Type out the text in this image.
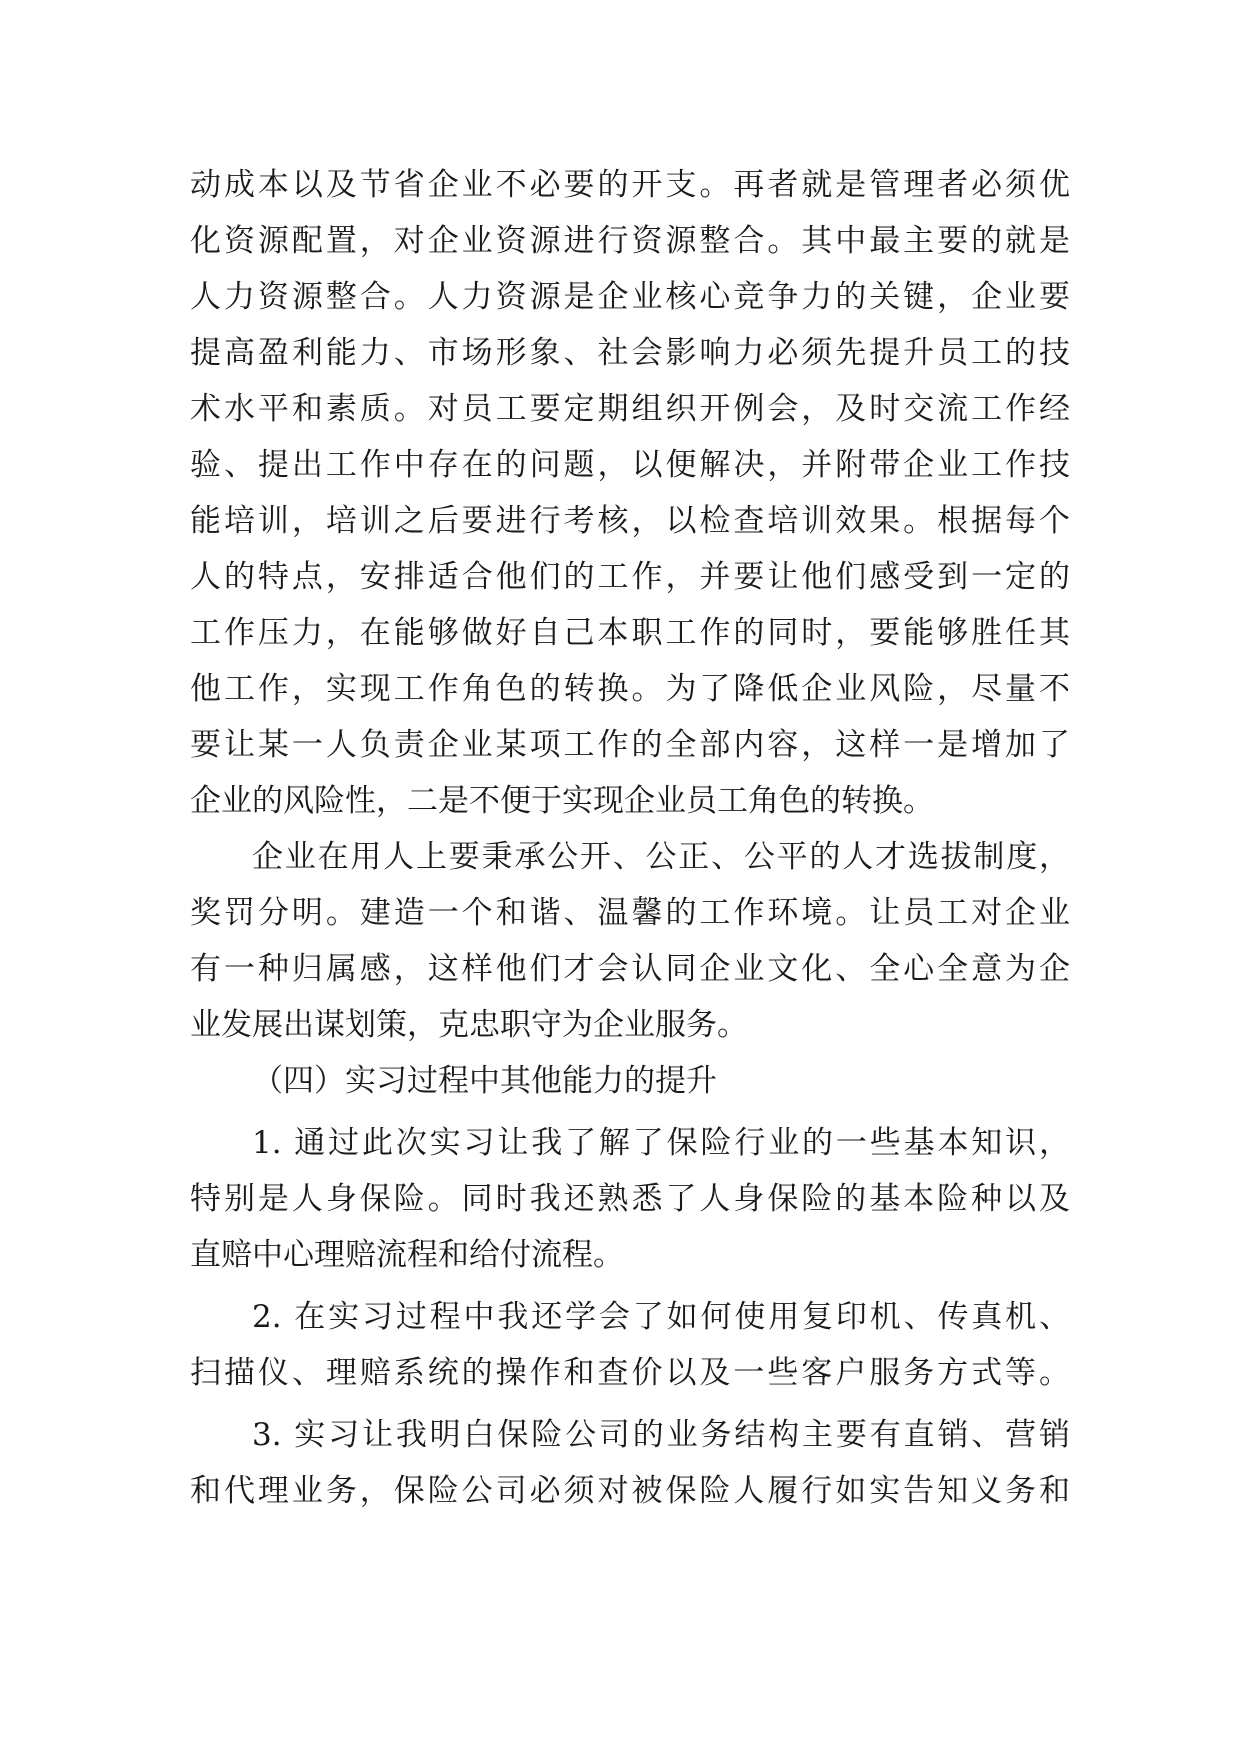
动成本以及节省企业不必要的开支。再者就是管理者必须优
化资源配置，对企业资源进行资源整合。其中最主要的就是
人力资源整合。人力资源是企业核心竞争力的关键，企业要
提高盈利能力、市场形象、社会影响力必须先提升员工的技
术水平和素质。对员工要定期组织开例会，及时交流工作经
验、提出工作中存在的问题，以便解决，并附带企业工作技
能培训，培训之后要进行考核，以检查培训效果。根据每个
人的特点，安排适合他们的工作，并要让他们感受到一定的
工作压力，在能够做好自己本职工作的同时，要能够胜任其
他工作，实现工作角色的转换。为了降低企业风险，尽量不
要让某一人负责企业某项工作的全部内容，这样一是增加了
企业的风险性，二是不便于实现企业员工角色的转换。
企业在用人上要秉承公开、公正、公平的人才选拔制度，
奖罚分明。建造一个和谐、温馨的工作环境。让员工对企业
有一种归属感，这样他们才会认同企业文化、全心全意为企
业发展出谋划策，克忠职守为企业服务。
（四）实习过程中其他能力的提升
1. 通过此次实习让我了解了保险行业的一些基本知识，
特别是人身保险。同时我还熟悉了人身保险的基本险种以及
直赔中心理赔流程和给付流程。
2. 在实习过程中我还学会了如何使用复印机、传真机、
扫描仪、理赔系统的操作和查价以及一些客户服务方式等。
3. 实习让我明白保险公司的业务结构主要有直销、营销
和代理业务，保险公司必须对被保险人履行如实告知义务和
